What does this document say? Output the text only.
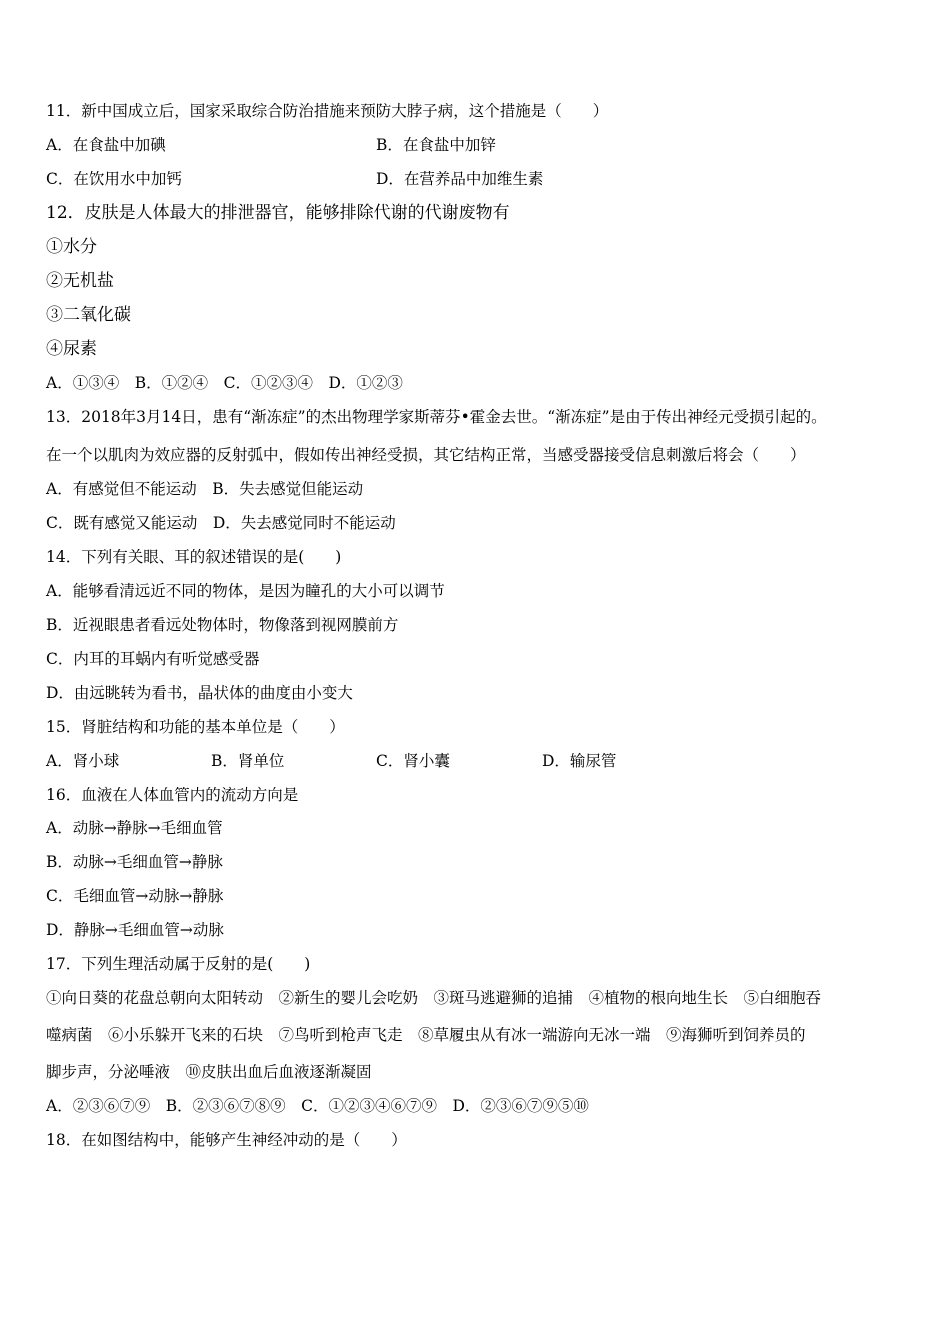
11．新中国成立后，国家采取综合防治措施来预防大脖子病，这个措施是（　　）
A．在食盐中加碘	B．在食盐中加锌
C．在饮用水中加钙	D．在营养品中加维生素
12．皮肤是人体最大的排泄器官，能够排除代谢的代谢废物有
①水分
②无机盐
③二氧化碳
④尿素
A．①③④　B．①②④　C．①②③④　D．①②③
13．2018年3月14日，患有“渐冻症”的杰出物理学家斯蒂芬•霍金去世。“渐冻症”是由于传出神经元受损引起的。
在一个以肌肉为效应器的反射弧中，假如传出神经受损，其它结构正常，当感受器接受信息刺激后将会（　　）
A．有感觉但不能运动　B．失去感觉但能运动
C．既有感觉又能运动　D．失去感觉同时不能运动
14．下列有关眼、耳的叙述错误的是(　　)
A．能够看清远近不同的物体，是因为瞳孔的大小可以调节
B．近视眼患者看远处物体时，物像落到视网膜前方
C．内耳的耳蜗内有听觉感受器
D．由远眺转为看书，晶状体的曲度由小变大
15．肾脏结构和功能的基本单位是（　　）
A．肾小球	B．肾单位	C．肾小囊	D．输尿管
16．血液在人体血管内的流动方向是
A．动脉→静脉→毛细血管
B．动脉→毛细血管→静脉
C．毛细血管→动脉→静脉
D．静脉→毛细血管→动脉
17．下列生理活动属于反射的是(　　)
①向日葵的花盘总朝向太阳转动　②新生的婴儿会吃奶　③斑马逃避狮的追捕　④植物的根向地生长　⑤白细胞吞
噬病菌　⑥小乐躲开飞来的石块　⑦鸟听到枪声飞走　⑧草履虫从有冰一端游向无冰一端　⑨海狮听到饲养员的
脚步声，分泌唾液　⑩皮肤出血后血液逐渐凝固
A．②③⑥⑦⑨　B．②③⑥⑦⑧⑨　C．①②③④⑥⑦⑨　D．②③⑥⑦⑨⑤⑩
18．在如图结构中，能够产生神经冲动的是（　　）
